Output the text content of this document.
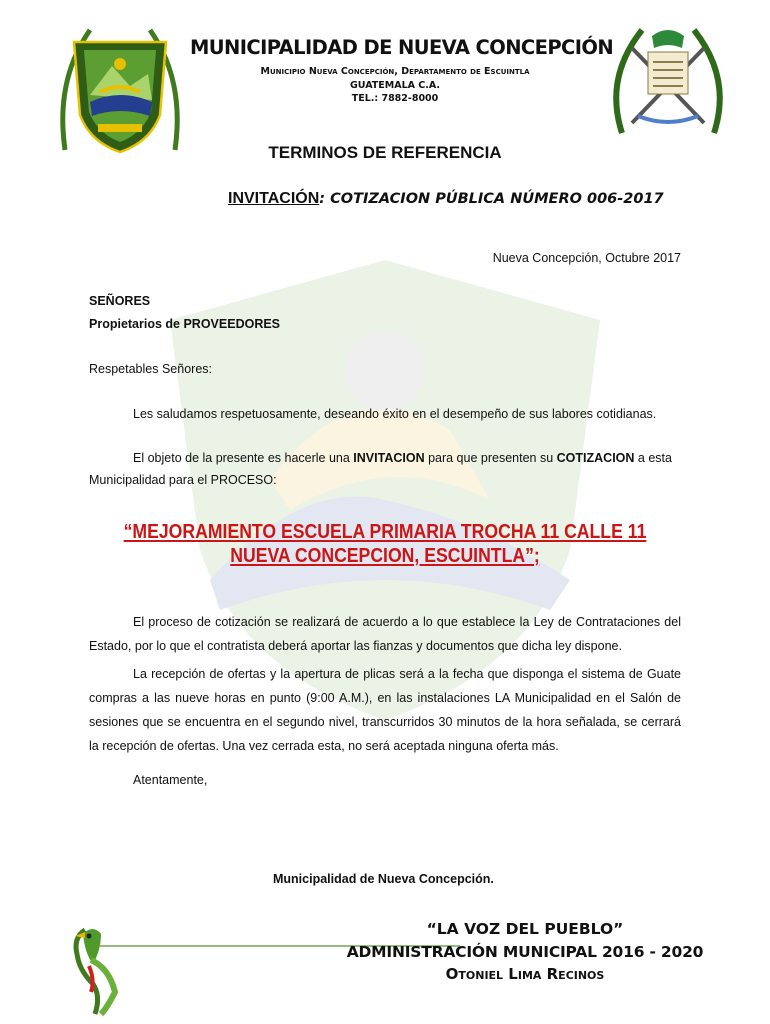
MUNICIPALIDAD DE NUEVA CONCEPCIÓN
Municipio Nueva Concepción, Departamento de Escuintla
GUATEMALA C.A.
TEL.: 7882-8000
TERMINOS DE REFERENCIA
INVITACIÓN: COTIZACION PÚBLICA NÚMERO 006-2017
Nueva Concepción, Octubre 2017
SEÑORES
Propietarios de PROVEEDORES
Respetables Señores:
Les saludamos respetuosamente, deseando éxito en el desempeño de sus labores cotidianas.
El objeto de la presente es hacerle una INVITACION para que presenten su COTIZACION a esta
Municipalidad para el PROCESO:
“MEJORAMIENTO ESCUELA PRIMARIA TROCHA 11 CALLE 11
NUEVA CONCEPCION, ESCUINTLA”;
El proceso de cotización se realizará de acuerdo a lo que establece la Ley de Contrataciones del Estado, por lo que el contratista deberá aportar las fianzas y documentos que dicha ley dispone.
La recepción de ofertas y la apertura de plicas será a la fecha que disponga el sistema de Guate compras a las nueve horas en punto (9:00 A.M.), en las instalaciones LA Municipalidad en el Salón de sesiones que se encuentra en el segundo nivel, transcurridos 30 minutos de la hora señalada, se cerrará la recepción de ofertas. Una vez cerrada esta, no será aceptada ninguna oferta más.
Atentamente,
Municipalidad de Nueva Concepción.
“LA VOZ DEL PUEBLO”
ADMINISTRACIÓN MUNICIPAL 2016 - 2020
Otoniel Lima Recinos
